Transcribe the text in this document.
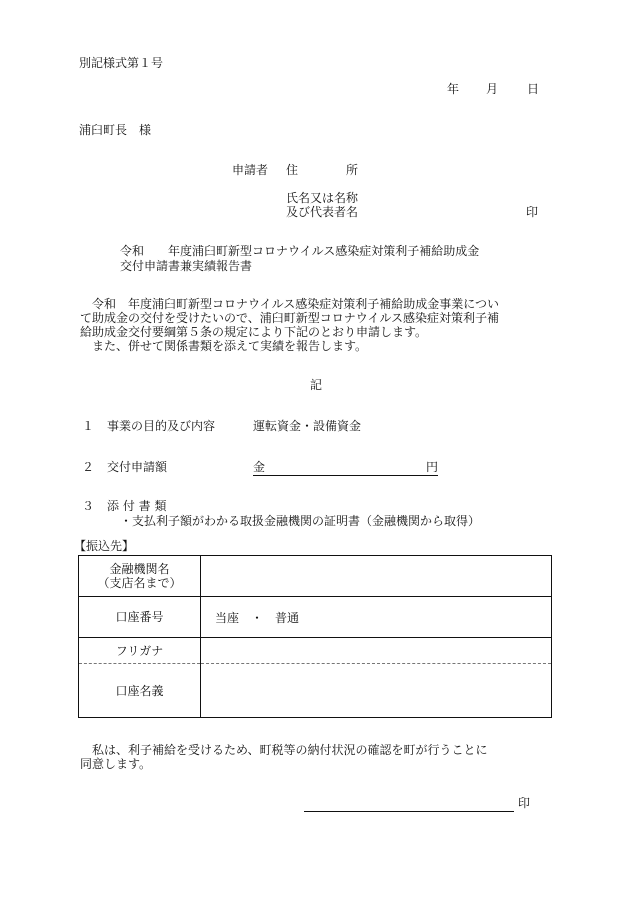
別記様式第１号
年 月 日
浦臼町長　様
申請者 住　　　　所
氏名又は名称
及び代表者名	印
令和　　年度浦臼町新型コロナウイルス感染症対策利子補給助成金
交付申請書兼実績報告書
　令和　年度浦臼町新型コロナウイルス感染症対策利子補給助成金事業につい
て助成金の交付を受けたいので、浦臼町新型コロナウイルス感染症対策利子補
給助成金交付要綱第５条の規定により下記のとおり申請します。
　また、併せて関係書類を添えて実績を報告します。
記
１ 事業の目的及び内容	運転資金・設備資金
２ 交付申請額	金	円
３ 添 付 書 類
・支払利子額がわかる取扱金融機関の証明書（金融機関から取得）
【振込先】
金融機関名
（支店名まで）	
口座番号	当座　・　普通
フリガナ	
口座名義	
私は、利子補給を受けるため、町税等の納付状況の確認を町が行うことに
同意します。
印
